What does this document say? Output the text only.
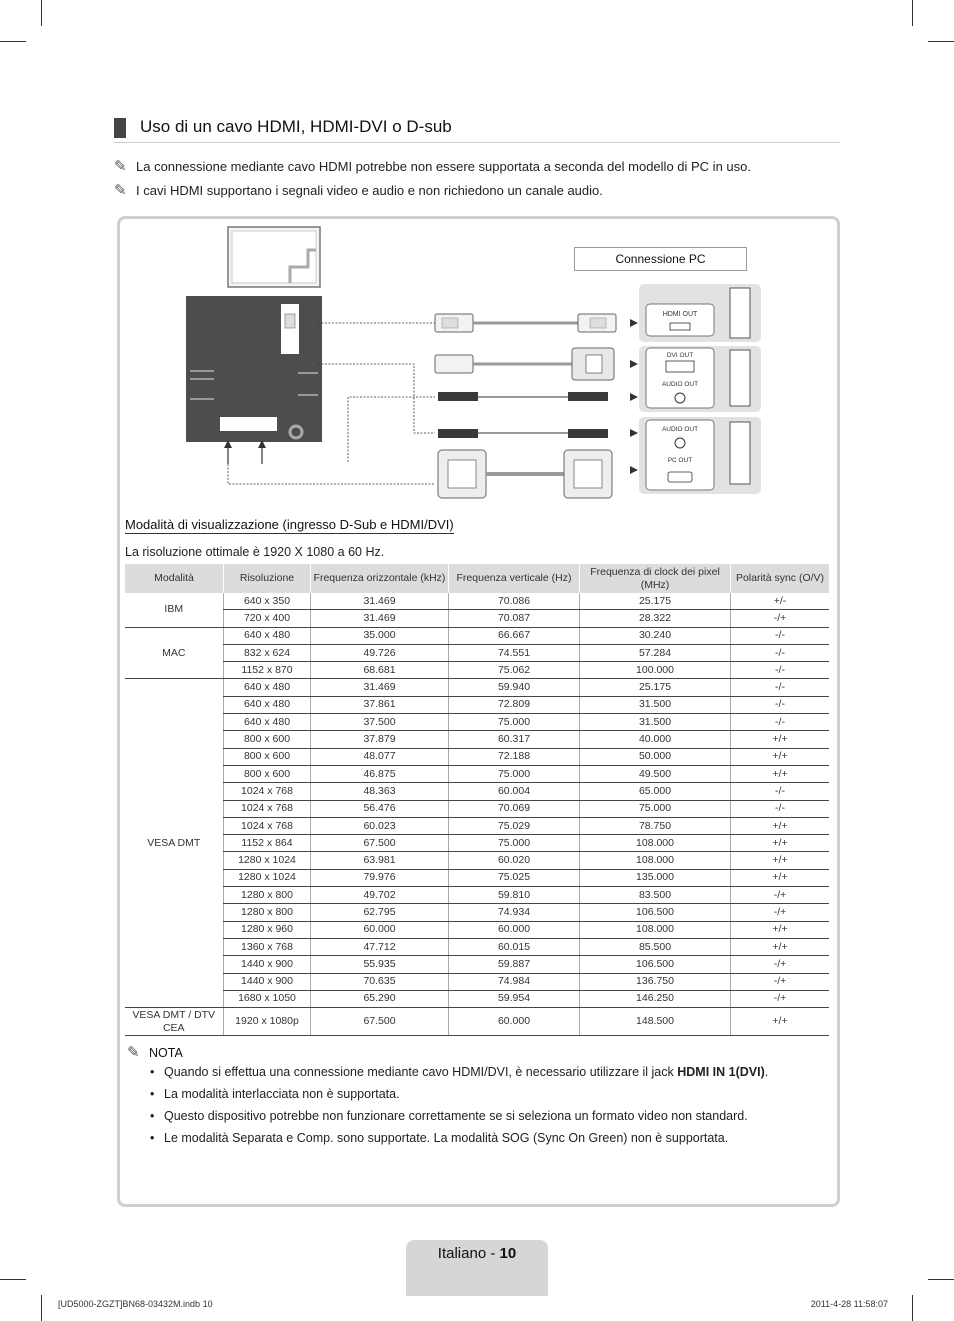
Uso di un cavo HDMI, HDMI-DVI o D-sub
✎ La connessione mediante cavo HDMI potrebbe non essere supportata a seconda del modello di PC in uso.
✎ I cavi HDMI supportano i segnali video e audio e non richiedono un canale audio.
Connessione PC
HDMI OUT
DVI OUT
AUDIO OUT
AUDIO OUT
PC OUT
Modalità di visualizzazione (ingresso D-Sub e HDMI/DVI)
La risoluzione ottimale è 1920 X 1080 a 60 Hz.
Modalità	Risoluzione	Frequenza orizzontale (kHz)	Frequenza verticale (Hz)	Frequenza di clock dei pixel (MHz)	Polarità sync (O/V)
IBM	640 x 350	31.469	70.086	25.175	+/-
	720 x 400	31.469	70.087	28.322	-/+
MAC	640 x 480	35.000	66.667	30.240	-/-
	832 x 624	49.726	74.551	57.284	-/-
	1152 x 870	68.681	75.062	100.000	-/-
VESA DMT	640 x 480	31.469	59.940	25.175	-/-
	640 x 480	37.861	72.809	31.500	-/-
	640 x 480	37.500	75.000	31.500	-/-
	800 x 600	37.879	60.317	40.000	+/+
	800 x 600	48.077	72.188	50.000	+/+
	800 x 600	46.875	75.000	49.500	+/+
	1024 x 768	48.363	60.004	65.000	-/-
	1024 x 768	56.476	70.069	75.000	-/-
	1024 x 768	60.023	75.029	78.750	+/+
	1152 x 864	67.500	75.000	108.000	+/+
	1280 x 1024	63.981	60.020	108.000	+/+
	1280 x 1024	79.976	75.025	135.000	+/+
	1280 x 800	49.702	59.810	83.500	-/+
	1280 x 800	62.795	74.934	106.500	-/+
	1280 x 960	60.000	60.000	108.000	+/+
	1360 x 768	47.712	60.015	85.500	+/+
	1440 x 900	55.935	59.887	106.500	-/+
	1440 x 900	70.635	74.984	136.750	-/+
	1680 x 1050	65.290	59.954	146.250	-/+
VESA DMT / DTV CEA	1920 x 1080p	67.500	60.000	148.500	+/+
✎ NOTA
• Quando si effettua una connessione mediante cavo HDMI/DVI, è necessario utilizzare il jack HDMI IN 1(DVI).
• La modalità interlacciata non è supportata.
• Questo dispositivo potrebbe non funzionare correttamente se si seleziona un formato video non standard.
• Le modalità Separata e Comp. sono supportate. La modalità SOG (Sync On Green) non è supportata.
Italiano - 10
[UD5000-ZGZT]BN68-03432M.indb 10	2011-4-28 11:58:07
